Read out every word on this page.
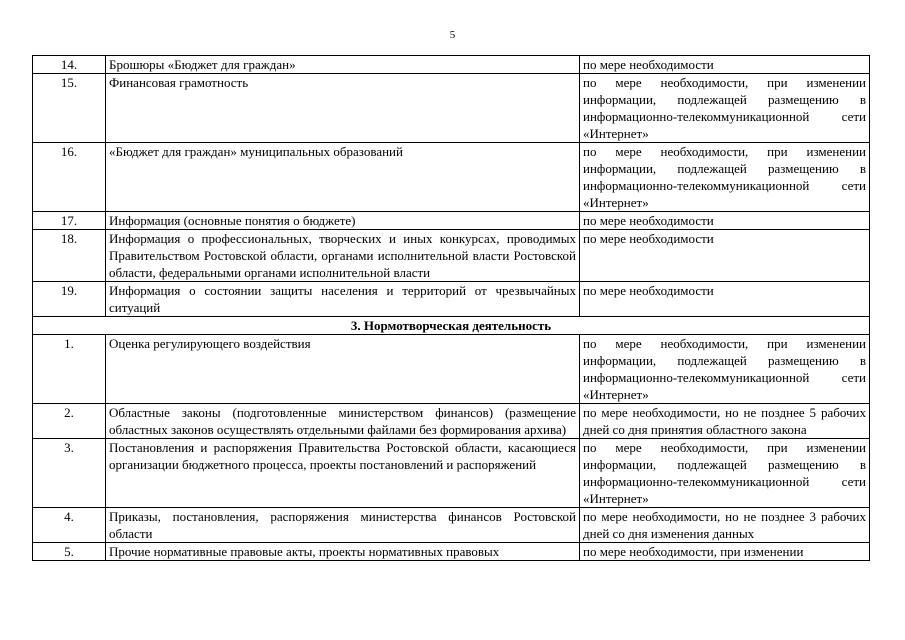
5
14.	Брошюры «Бюджет для граждан»	по мере необходимости
15.	Финансовая грамотность	по мере необходимости, при изменении информации, подлежащей размещению в информационно-телекоммуникационной сети «Интернет»
16.	«Бюджет для граждан» муниципальных образований	по мере необходимости, при изменении информации, подлежащей размещению в информационно-телекоммуникационной сети «Интернет»
17.	Информация (основные понятия о бюджете)	по мере необходимости
18.	Информация о профессиональных, творческих и иных конкурсах, проводимых Правительством Ростовской области, органами исполнительной власти Ростовской области, федеральными органами исполнительной власти	по мере необходимости
19.	Информация о состоянии защиты населения и территорий от чрезвычайных ситуаций	по мере необходимости
3. Нормотворческая деятельность		
1.	Оценка регулирующего воздействия	по мере необходимости, при изменении информации, подлежащей размещению в информационно-телекоммуникационной сети «Интернет»
2.	Областные законы (подготовленные министерством финансов) (размещение областных законов осуществлять отдельными файлами без формирования архива)	по мере необходимости, но не позднее 5 рабочих дней со дня принятия областного закона
3.	Постановления и распоряжения Правительства Ростовской области, касающиеся организации бюджетного процесса, проекты постановлений и распоряжений	по мере необходимости, при изменении информации, подлежащей размещению в информационно-телекоммуникационной сети «Интернет»
4.	Приказы, постановления, распоряжения министерства финансов Ростовской области	по мере необходимости, но не позднее 3 рабочих дней со дня изменения данных
5.	Прочие нормативные правовые акты, проекты нормативных правовых	по мере необходимости, при изменении
